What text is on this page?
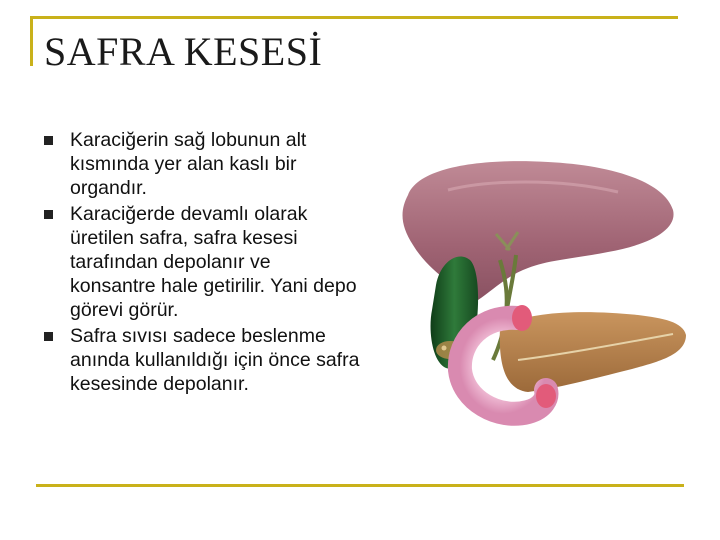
SAFRA KESESİ
Karaciğerin sağ lobunun alt kısmında yer alan kaslı bir organdır.
Karaciğerde devamlı olarak üretilen safra, safra kesesi tarafından depolanır ve konsantre hale getirilir. Yani depo görevi görür.
Safra sıvısı sadece beslenme anında kullanıldığı için önce safra kesesinde depolanır.
